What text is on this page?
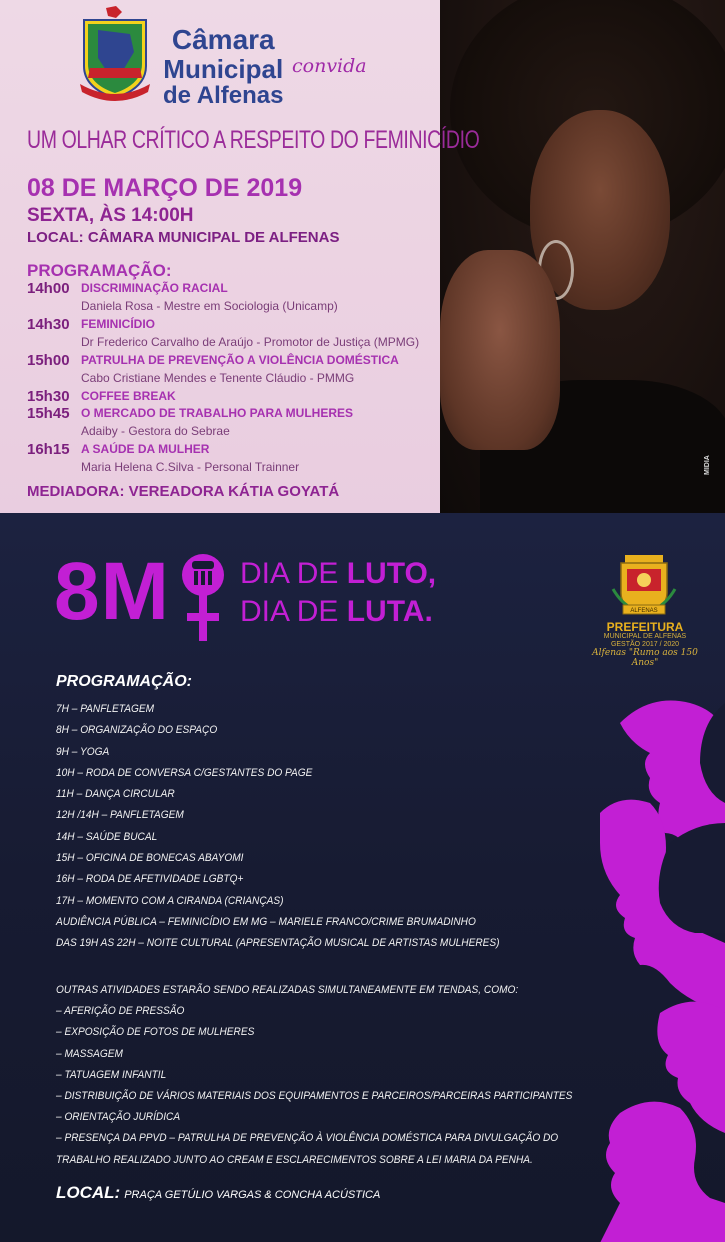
MIDIA
Câmara
Municipal
de Alfenas
convida
UM OLHAR CRÍTICO A RESPEITO DO FEMINICÍDIO
08 DE MARÇO DE 2019
SEXTA, ÀS 14:00H
LOCAL: CÂMARA MUNICIPAL DE ALFENAS
PROGRAMAÇÃO:
14h00 DISCRIMINAÇÃO RACIAL
Daniela Rosa - Mestre em Sociologia (Unicamp)
14h30 FEMINICÍDIO
Dr Frederico Carvalho de Araújo - Promotor de Justiça (MPMG)
15h00 PATRULHA DE PREVENÇÃO A VIOLÊNCIA DOMÉSTICA
Cabo Cristiane Mendes e Tenente Cláudio - PMMG
15h30 COFFEE BREAK
15h45 O MERCADO DE TRABALHO PARA MULHERES
Adaiby - Gestora do Sebrae
16h15 A SAÚDE DA MULHER
Maria Helena C.Silva - Personal Trainner
MEDIADORA: VEREADORA KÁTIA GOYATÁ
8M DIA DE LUTO,
DIA DE LUTA.	ALFENAS
PREFEITURA
MUNICIPAL DE ALFENAS
GESTÃO 2017 / 2020
Alfenas "Rumo aos 150 Anos"
PROGRAMAÇÃO:
7H – PANFLETAGEM
8H – ORGANIZAÇÃO DO ESPAÇO
9H – YOGA
10H – RODA DE CONVERSA C/GESTANTES DO PAGE
11H – DANÇA CIRCULAR
12H /14H – PANFLETAGEM
14H – SAÚDE BUCAL
15H – OFICINA DE BONECAS ABAYOMI
16H – RODA DE AFETIVIDADE LGBTQ+
17H – MOMENTO COM A CIRANDA (CRIANÇAS)
AUDIÊNCIA PÚBLICA – FEMINICÍDIO EM MG – MARIELE FRANCO/CRIME BRUMADINHO
DAS 19H AS 22H – NOITE CULTURAL (APRESENTAÇÃO MUSICAL DE ARTISTAS MULHERES)
OUTRAS ATIVIDADES ESTARÃO SENDO REALIZADAS SIMULTANEAMENTE EM TENDAS, COMO:
– AFERIÇÃO DE PRESSÃO
– EXPOSIÇÃO DE FOTOS DE MULHERES
– MASSAGEM
– TATUAGEM INFANTIL
– DISTRIBUIÇÃO DE VÁRIOS MATERIAIS DOS EQUIPAMENTOS E PARCEIROS/PARCEIRAS PARTICIPANTES
– ORIENTAÇÃO JURÍDICA
– PRESENÇA DA PPVD – PATRULHA DE PREVENÇÃO À VIOLÊNCIA DOMÉSTICA PARA DIVULGAÇÃO DO
TRABALHO REALIZADO JUNTO AO CREAM E ESCLARECIMENTOS SOBRE A LEI MARIA DA PENHA.
LOCAL: PRAÇA GETÚLIO VARGAS & CONCHA ACÚSTICA
